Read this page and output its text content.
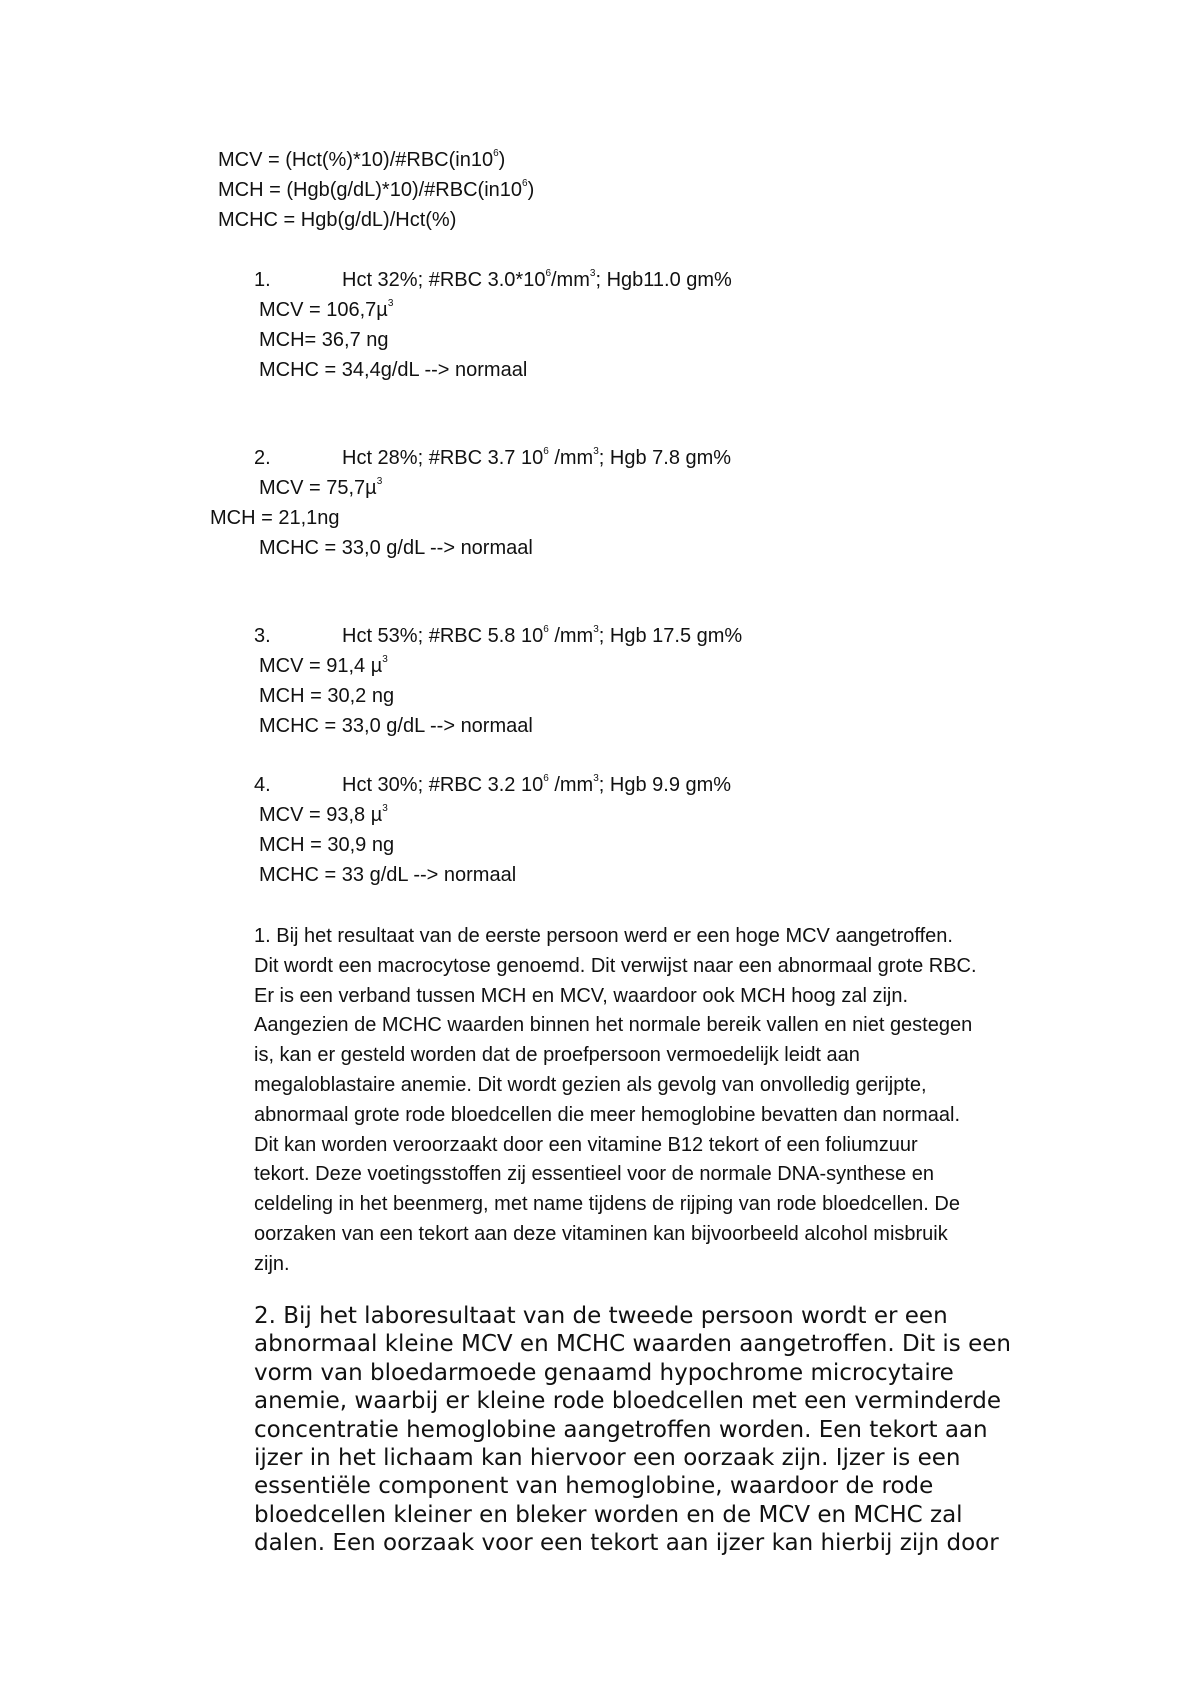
MCV = $(Hct(\%)*10)/\#RBC(in10^6)$
MCH = $(Hgb(g/dL)*10)/\#RBC(in10^6)$
MCHC = Hgb(g/dL)/Hct(%)
1.	Hct 32%; #RBC $3.0*10^6/mm^3$; Hgb11.0 gm%
MCV = 106,7µ$^3$
MCH= 36,7 ng
MCHC = 34,4g/dL --> normaal
2.	Hct 28%; #RBC 3.7 $10^6$ $/mm^3$; Hgb 7.8 gm%
MCV = 75,7µ$^3$
MCH = 21,1ng
MCHC = 33,0 g/dL --> normaal
3.	Hct 53%; #RBC 5.8 $10^6$ $/mm^3$; Hgb 17.5 gm%
MCV = 91,4 µ$^3$
MCH = 30,2 ng
MCHC = 33,0 g/dL --> normaal
4.	Hct 30%; #RBC 3.2 $10^6$ $/mm^3$; Hgb 9.9 gm%
MCV = 93,8 µ$^3$
MCH = 30,9 ng
MCHC = 33 g/dL --> normaal

1. Bij het resultaat van de eerste persoon werd er een hoge MCV aangetroffen.

Dit wordt een macrocytose genoemd. Dit verwijst naar een abnormaal grote RBC.

Er is een verband tussen MCH en MCV, waardoor ook MCH hoog zal zijn.

Aangezien de MCHC waarden binnen het normale bereik vallen en niet gestegen

is, kan er gesteld worden dat de proefpersoon vermoedelijk leidt aan

megaloblastaire anemie. Dit wordt gezien als gevolg van onvolledig gerijpte,

abnormaal grote rode bloedcellen die meer hemoglobine bevatten dan normaal.

Dit kan worden veroorzaakt door een vitamine B12 tekort of een foliumzuur

tekort. Deze voetingsstoffen zij essentieel voor de normale DNA-synthese en

celdeling in het beenmerg, met name tijdens de rijping van rode bloedcellen. De

oorzaken van een tekort aan deze vitaminen kan bijvoorbeeld alcohol misbruik

zijn.

2. Bij het laboresultaat van de tweede persoon wordt er een

abnormaal kleine MCV en MCHC waarden aangetroffen. Dit is een

vorm van bloedarmoede genaamd hypochrome microcytaire

anemie, waarbij er kleine rode bloedcellen met een verminderde

concentratie hemoglobine aangetroffen worden. Een tekort aan

ijzer in het lichaam kan hiervoor een oorzaak zijn. Ijzer is een

essentiële component van hemoglobine, waardoor de rode

bloedcellen kleiner en bleker worden en de MCV en MCHC zal

dalen. Een oorzaak voor een tekort aan ijzer kan hierbij zijn door
